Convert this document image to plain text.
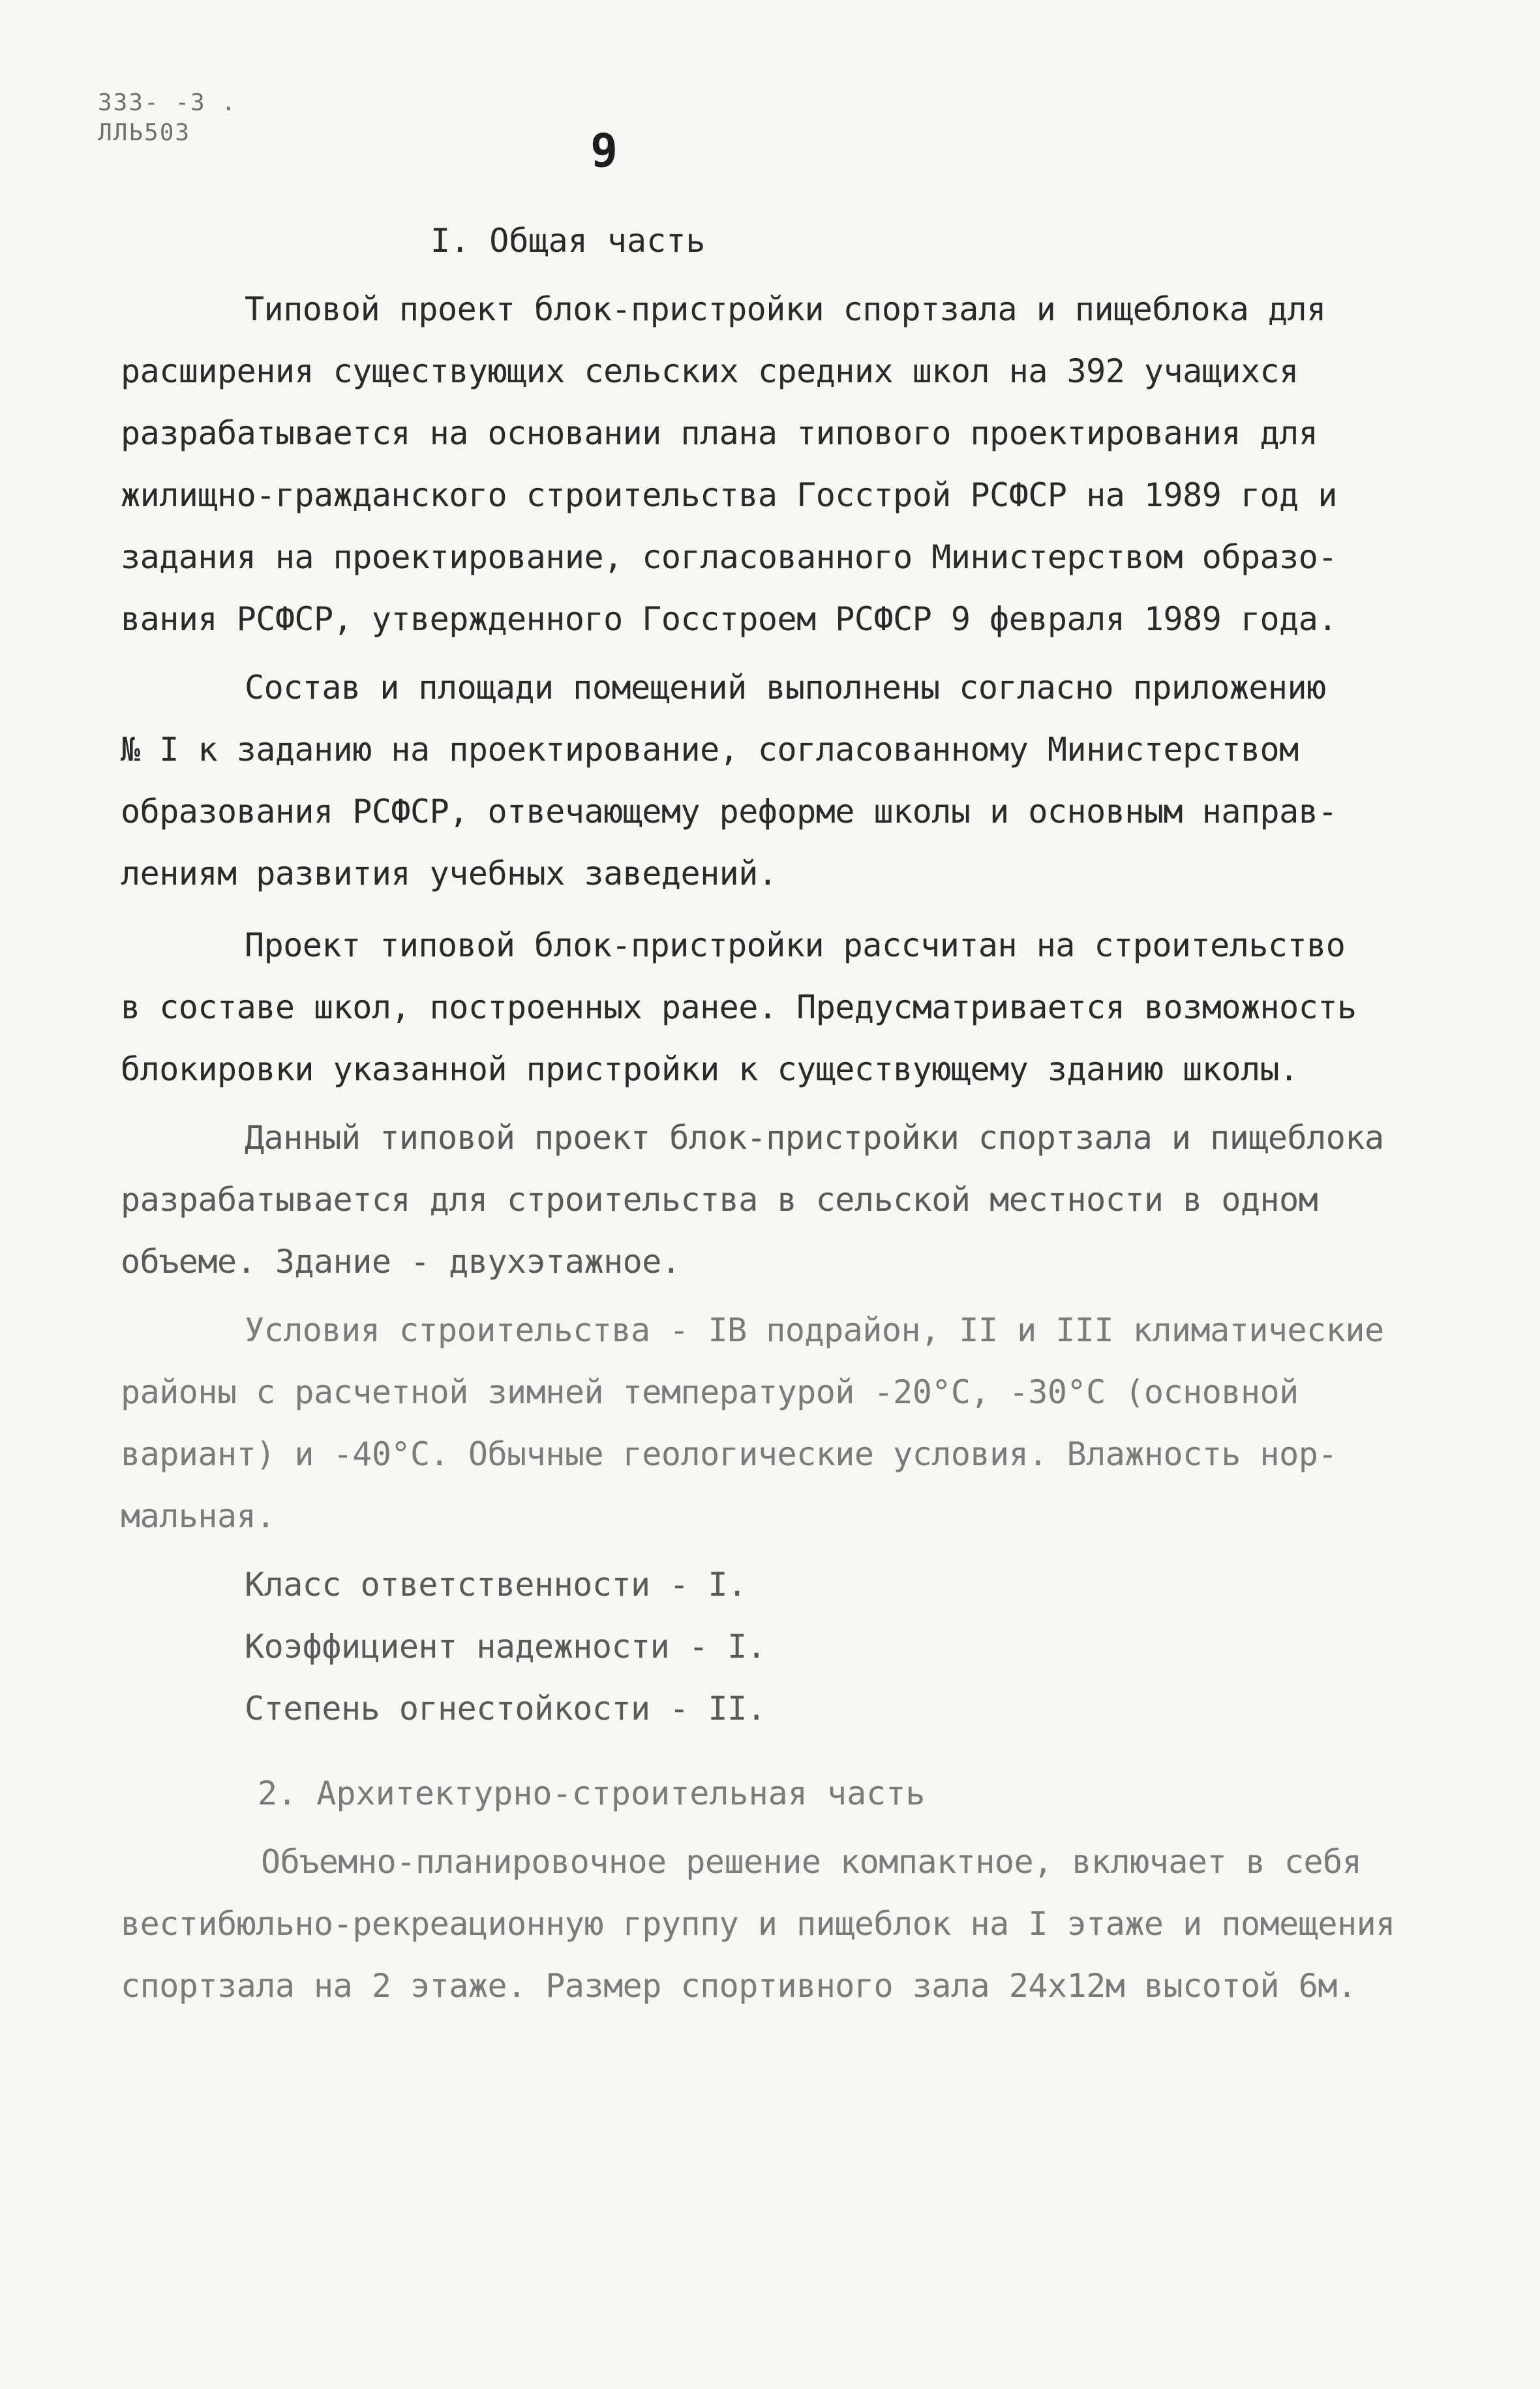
333- -3 .
ЛЛЬ503	9
I. Общая часть
Типовой проект блок-пристройки спортзала и пищеблока для
расширения существующих сельских средних школ на 392 учащихся
разрабатывается на основании плана типового проектирования для
жилищно-гражданского строительства Госстрой РСФСР на 1989 год и
задания на проектирование, согласованного Министерством образо-
вания РСФСР, утвержденного Госстроем РСФСР 9 февраля 1989 года.
Состав и площади помещений выполнены согласно приложению
№ I к заданию на проектирование, согласованному Министерством
образования РСФСР, отвечающему реформе школы и основным направ-
лениям развития учебных заведений.
Проект типовой блок-пристройки рассчитан на строительство
в составе школ, построенных ранее. Предусматривается возможность
блокировки указанной пристройки к существующему зданию школы.
Данный типовой проект блок-пристройки спортзала и пищеблока
разрабатывается для строительства в сельской местности в одном
объеме. Здание - двухэтажное.
Условия строительства - IВ подрайон, II и III климатические
районы с расчетной зимней температурой -20°С, -30°С (основной
вариант) и -40°С. Обычные геологические условия. Влажность нор-
мальная.
Класс ответственности - I.
Коэффициент надежности - I.
Степень огнестойкости - II.
2. Архитектурно-строительная часть
Объемно-планировочное решение компактное, включает в себя
вестибюльно-рекреационную группу и пищеблок на I этаже и помещения
спортзала на 2 этаже. Размер спортивного зала 24x12м высотой 6м.
